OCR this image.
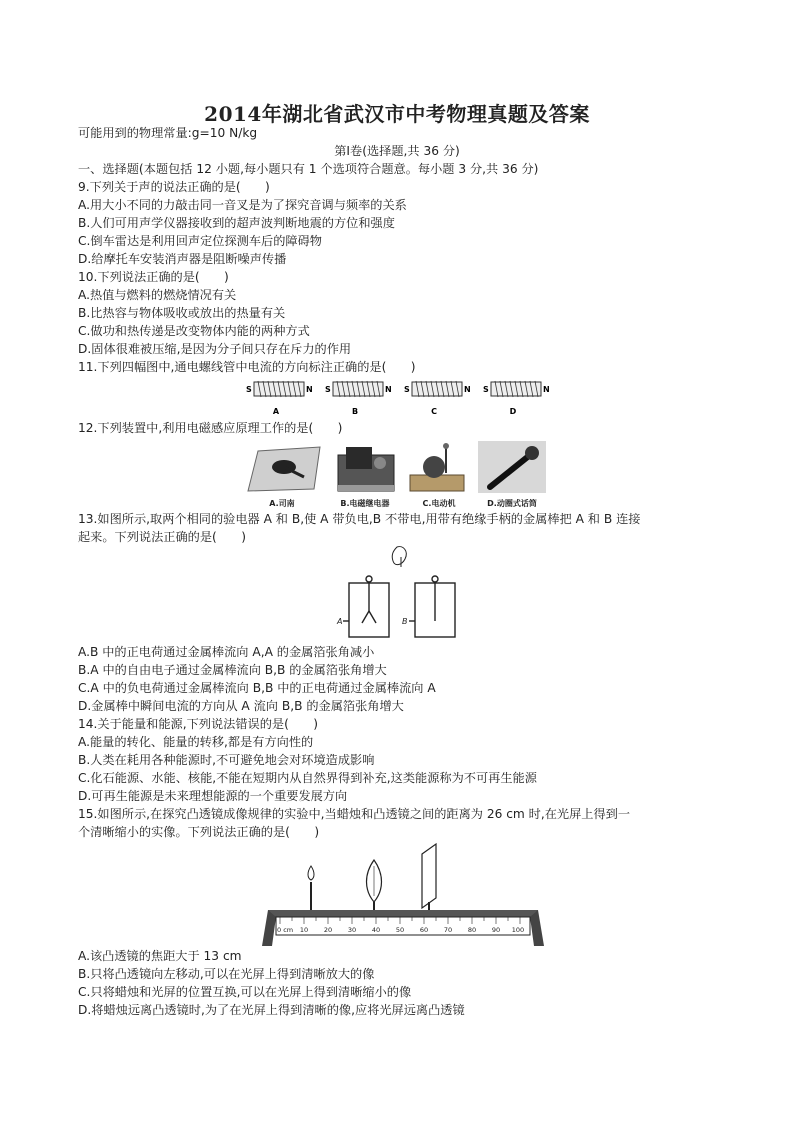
2014年湖北省武汉市中考物理真题及答案
可能用到的物理常量:g=10 N/kg
第Ⅰ卷(选择题,共 36 分)
一、选择题(本题包括 12 小题,每小题只有 1 个选项符合题意。每小题 3 分,共 36 分)
9.下列关于声的说法正确的是(　　)
A.用大小不同的力敲击同一音叉是为了探究音调与频率的关系
B.人们可用声学仪器接收到的超声波判断地震的方位和强度
C.倒车雷达是利用回声定位探测车后的障碍物
D.给摩托车安装消声器是阻断噪声传播
10.下列说法正确的是(　　)
A.热值与燃料的燃烧情况有关
B.比热容与物体吸收或放出的热量有关
C.做功和热传递是改变物体内能的两种方式
D.固体很难被压缩,是因为分子间只存在斥力的作用
11.下列四幅图中,通电螺线管中电流的方向标注正确的是(　　)
S	N
A
S	N
B
S	N
C
S	N
D
12.下列装置中,利用电磁感应原理工作的是(　　)
A.司南	B.电磁继电器	C.电动机	D.动圈式话筒
13.如图所示,取两个相同的验电器 A 和 B,使 A 带负电,B 不带电,用带有绝缘手柄的金属棒把 A 和 B 连接
起来。下列说法正确的是(　　)
A	B
A.B 中的正电荷通过金属棒流向 A,A 的金属箔张角减小
B.A 中的自由电子通过金属棒流向 B,B 的金属箔张角增大
C.A 中的负电荷通过金属棒流向 B,B 中的正电荷通过金属棒流向 A
D.金属棒中瞬间电流的方向从 A 流向 B,B 的金属箔张角增大
14.关于能量和能源,下列说法错误的是(　　)
A.能量的转化、能量的转移,都是有方向性的
B.人类在耗用各种能源时,不可避免地会对环境造成影响
C.化石能源、水能、核能,不能在短期内从自然界得到补充,这类能源称为不可再生能源
D.可再生能源是未来理想能源的一个重要发展方向
15.如图所示,在探究凸透镜成像规律的实验中,当蜡烛和凸透镜之间的距离为 26 cm 时,在光屏上得到一
个清晰缩小的实像。下列说法正确的是(　　)
0 cm 10 20 30 40 50 60 70 80 90 100
A.该凸透镜的焦距大于 13 cm
B.只将凸透镜向左移动,可以在光屏上得到清晰放大的像
C.只将蜡烛和光屏的位置互换,可以在光屏上得到清晰缩小的像
D.将蜡烛远离凸透镜时,为了在光屏上得到清晰的像,应将光屏远离凸透镜
